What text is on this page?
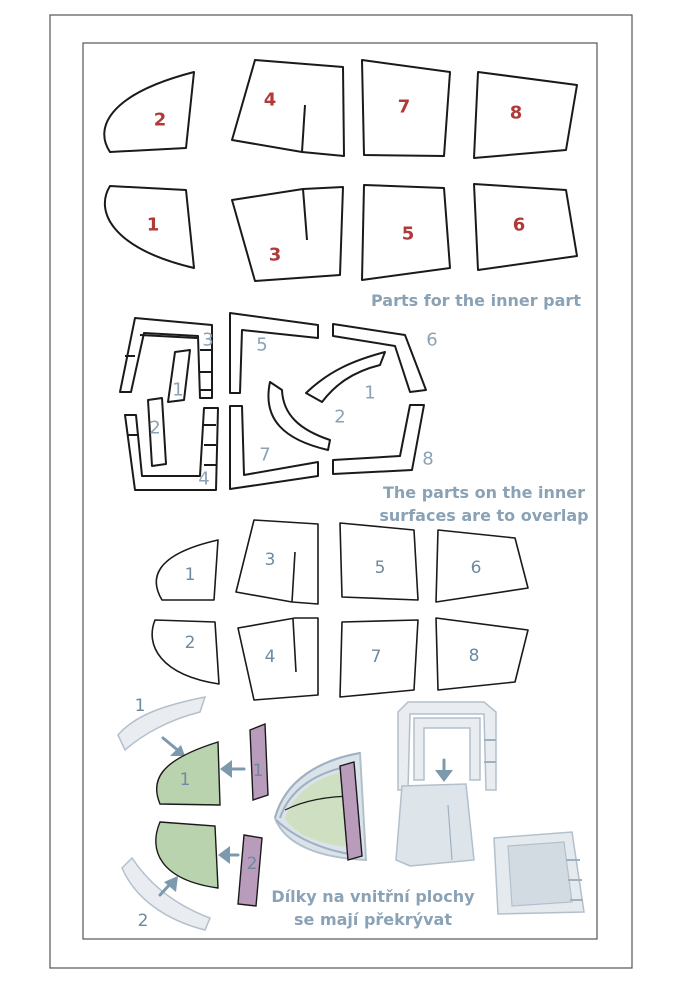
2
4	7	8
1
3
5	6
Parts for the inner part
3
1
2
4
5
7
6
8
1
2
The parts on the inner
surfaces are to overlap
1
3	5	6
2
4	7	8
1
1	1
2
2
Dílky na vnitřní plochy
se mají překrývat
